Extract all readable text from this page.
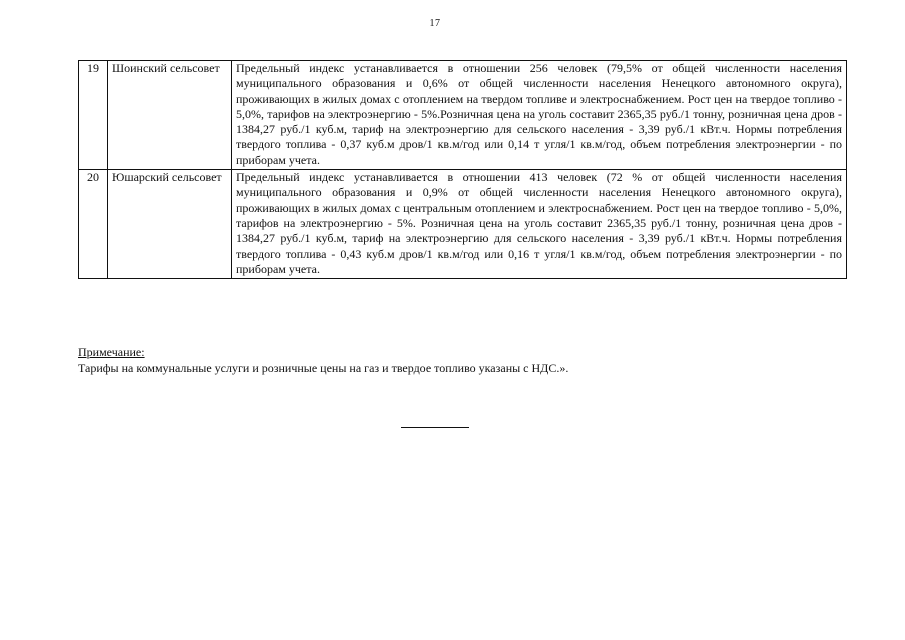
17
19	Шоинский сельсовет	Предельный индекс устанавливается в отношении 256 человек (79,5% от общей численности населения муниципального образования и 0,6% от общей численности населения Ненецкого автономного округа), проживающих в жилых домах с отоплением на твердом топливе и электроснабжением. Рост цен на твердое топливо - 5,0%, тарифов на электроэнергию - 5%.Розничная цена на уголь составит 2365,35 руб./1 тонну, розничная цена дров - 1384,27 руб./1 куб.м, тариф на электроэнергию для сельского населения - 3,39 руб./1 кВт.ч. Нормы потребления твердого топлива - 0,37 куб.м дров/1 кв.м/год или 0,14 т угля/1 кв.м/год, объем потребления электроэнергии - по приборам учета.
20	Юшарский сельсовет	Предельный индекс устанавливается в отношении 413 человек (72 % от общей численности населения муниципального образования и 0,9% от общей численности населения Ненецкого автономного округа), проживающих в жилых домах с центральным отоплением и электроснабжением. Рост цен на твердое топливо - 5,0%, тарифов на электроэнергию - 5%. Розничная цена на уголь составит 2365,35 руб./1 тонну, розничная цена дров - 1384,27 руб./1 куб.м, тариф на электроэнергию для сельского населения - 3,39 руб./1 кВт.ч. Нормы потребления твердого топлива - 0,43 куб.м дров/1 кв.м/год или 0,16 т угля/1 кв.м/год, объем потребления электроэнергии - по приборам учета.
Примечание:
Тарифы на коммунальные услуги и розничные цены на газ и твердое топливо указаны с НДС.».
